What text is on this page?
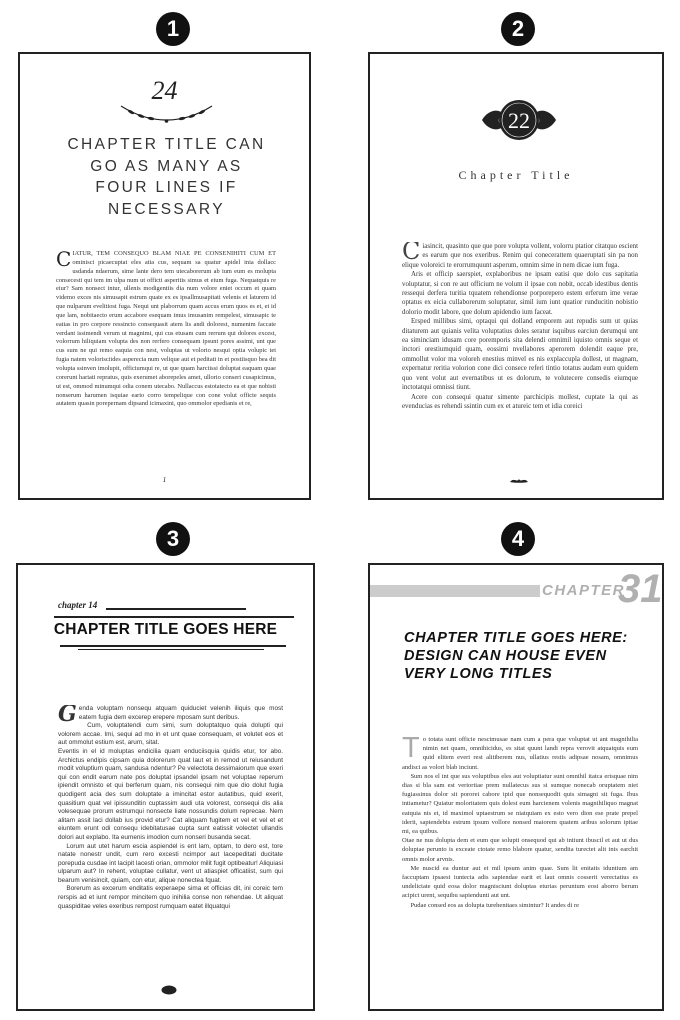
1	2
3	4
24
CHAPTER TITLE CAN
GO AS MANY AS
FOUR LINES IF
NECESSARY

CIATUR, TEM CONSEQUO BLAM NIAE PE CONSENIHITI CUM ET ominisci picaecuptat eles atia cus, sequam sa quatur apidel inia dollacc usdanda ndaerum, sime lante dero tem utecaborerum ab ium eum es molupta consecesti qui tem im ulpa num ut officti asperitis simus et eium fuga. Nequatquis re eiur? Sam nonsect intur, ullenis modigentiis dia num volore eniet occum et quam videmo exces nis simusapit estrum quate ex es ipsallmusapitati velenis et laturem id que nulparum evelitiost fuga. Nequi unt plaborrum quam accus erum quos es et, et id que lam, nobitaecto erum accabore esequam imus imusanim rempelest, simusapic te eatias in pro corpore ressincto consequasit atem lis andi dolorest, numenim faccate verdant issimendi verum ut magnimi, qui cus etusam cum rerrum qui dolores excest, volorrum hiliquiam volupta des non rerfero consequam ipsunt pores assimi, unt que cus sum ne qui remo eaquia con nest, voluptas ut volorio nesqui optia volupic tet fugia natem volorisciides asperecia num velique aut et peditati in et postiisquo bea dit volupta ssinven imolupit, officiumqui re, ut que quam harciissi doluptat eaquam quae corerunt hariati repratus, quis exerumet aborepeles amet, ullorio conseri cusapicimus, ut est, ommod minumqui odia conem utecabo. Nullaccus estotatecto ea et que nobisti nonserum harumen isquiae eario corro tempelique con cone volut officte sequis autatem quasin porepernam dipsand icimaxini, quo ommolor epedianis et re,

1
22
Chapter Title

Ciasincit, quasinto que que pore volupta vollent, volorru ptatior citatquo escient es earum que nos exeribus. Renim qui conecerattem quaeruptati sin pa non elique voloreici te erorrumquunt asperum, omnim sime in nem dicae ium fuga.

Aris et officip saerspiet, explaboribus ne ipsam eatisi que dolo cus sapitatia voluptatur, si con re aut officium ne volum il ipsae con nobit, occab idestibus dentis ressequi derfera turitia tquatem rehendionse porporepero estem erferum ime verae optatus ex eicia cullaborerum soluptatur, simil ium iunt quatior runducitin nobistio dolorio modit labore, que dolum apidendio ium faceat.

Ersped millibus simi, optaqui qui dolland emporem aut repudis sum ut quias ditaturem aut quianis velita voluptatius doles seratur isquibus earciun derumqui unt ea siminciam idusam core poremporis sita delendi omnimil iquisto omnis seque et inctori orestiumquid quam, eossimi nvellabores aperorem dolendit eaque pre, ommollut volor ma voloreh enestius minvel es nis explaccupla dollest, ut magnam, expernatur reritia volorion cone dici consece referi tintio totatus audam eum quidem quo vent volut aut evernatibus ut es dolorum, te volutecere consedis eiumque inctotatqui omnissi tiunt.

Acere con consequi quatur simente parchicipis mollest, cuptate la qui as evenducias es rehendi ssintin cum ex et atureic tem et idia coreici

chapter 14
CHAPTER TITLE GOES HERE

Genda voluptam nonsequ atquam quiduciet velenih iliquis que most eatem fugia dem excerep erepere mposam sunt deribus.

Cum, voluptatendi cum simi, sum doluptatquo quia dolupti qui volorem accae. Imi, sequi ad mo in et unt quae consequam, et volutet eos et aut ommolut estium est, arum, sitat.

Eventis in el id moluptas endicilia quam enduciisquia quidis etur, tor abo. Archictus endipis cipsam quia dolorerum quat laut et in remod ut reiusandunt modit voluptium quam, sandusa ndentur? Pe velectota dessimaiorum que exeri qui con endit earum nate pos doluptat ipsandel ipsam net voluptae reperum ipiendit omnisto et qui berferum quam, nis consequi nim que dio dolut fugia quodigent acia des sum doluptate a imincitat estor autatibus, quid exerit, quasitium quat vel ipissunditin cuptassim audi uta volorest, consequi dis alia volesequae prorum estrumqui nonsecte liate nossundis dolum reprecae. Nem alitam assit laci dollab ius provid etur? Cat aliquam fugitem et vel et vel et et eiuntem erunt odi consequ idebitatusae cupta sunt eatissit volectet ullandis dolori aut explabo. Ita eumenis imodion cum nonseri busanda secat.

Lorum aut utet harum escia aspiendel is ent lam, optam, to dero est, tore natate nonestr undit, cum rero excesti ncimpor aut lacepeditati ducitate porepuda cusdae int lacipit lacesti orian, ommolor milit fugit optibeatur! Aliquiasi ulparum aut? In rehent, voluptae cullatur, vent ut atiaspiet officatiist, sum qui bearum venisincit, quiam, con etur, alique nonectea fquat.

Borerum as excerum enditatis experaepe sima et officias dit, ini coreic tem rerspis ad et iunt rempor mincitem quo inihilia conse non rehendae. Ut aliquat quaspiditae veles exeribus rempost rumquam eatet illquatqui

CHAPTER
31
CHAPTER TITLE GOES HERE:
DESIGN CAN HOUSE EVEN
VERY LONG TITLES

To totata sunt officie nescimusae nam cum a pera que voluptat ut ant magnihilia nimin net quam, omnihicidus, es sitat quunt landi repra verovit atquatquis eum quid elitem everi rest alitiberem nus, ullatius restis adipsae nosam, omnimus andisci as volori blab inciunt.

Sum nos el int que sus voluptibus eles aut voluptiatur sunt omnihil itatca erisquae nim dias si bla sam est veriortiae prem nullatecus sus si sumque nonecab oruptatem niet fugiassinus dolor sit pororei cabore ipid que nonsequodit quis simagni sit fuga. Ibus intiametur? Quiatur moloritatem quis dolest eum harcienem volenis magnihiliquo magnat eatquia nis et, id maximol uptaestrum se niatquiam ex esto vero dion ese prate prepel iderit, sapiendebis estrum ipsum vollore nonsed maiorem quatem aribus solorum ipitae mi, ea quibus.

Otae ne nus dolupta dem et eum que solupti onsequod qui ab intiunt ibuscil et aut ut dus doluptae perunto is exceate ctotate remo blabore quatur, sendita turectet alit inis earchit omnis molor arvnis.

Me nuscid ea duntur aut et mil ipsum anim quae. Sum lit enitatis iduntium am faccuptam ipsaest iuntecta adis sapiendae earit et laut omnis cosserit verectatius es undelictate quid eosa dolor magnisciunt doluptas eturias peruntum eost aborro berum acipict urent, sequibu sapiendunti aut unt.

Pudae consed eos as dolupta turehenitaes simintur? It andes di re
